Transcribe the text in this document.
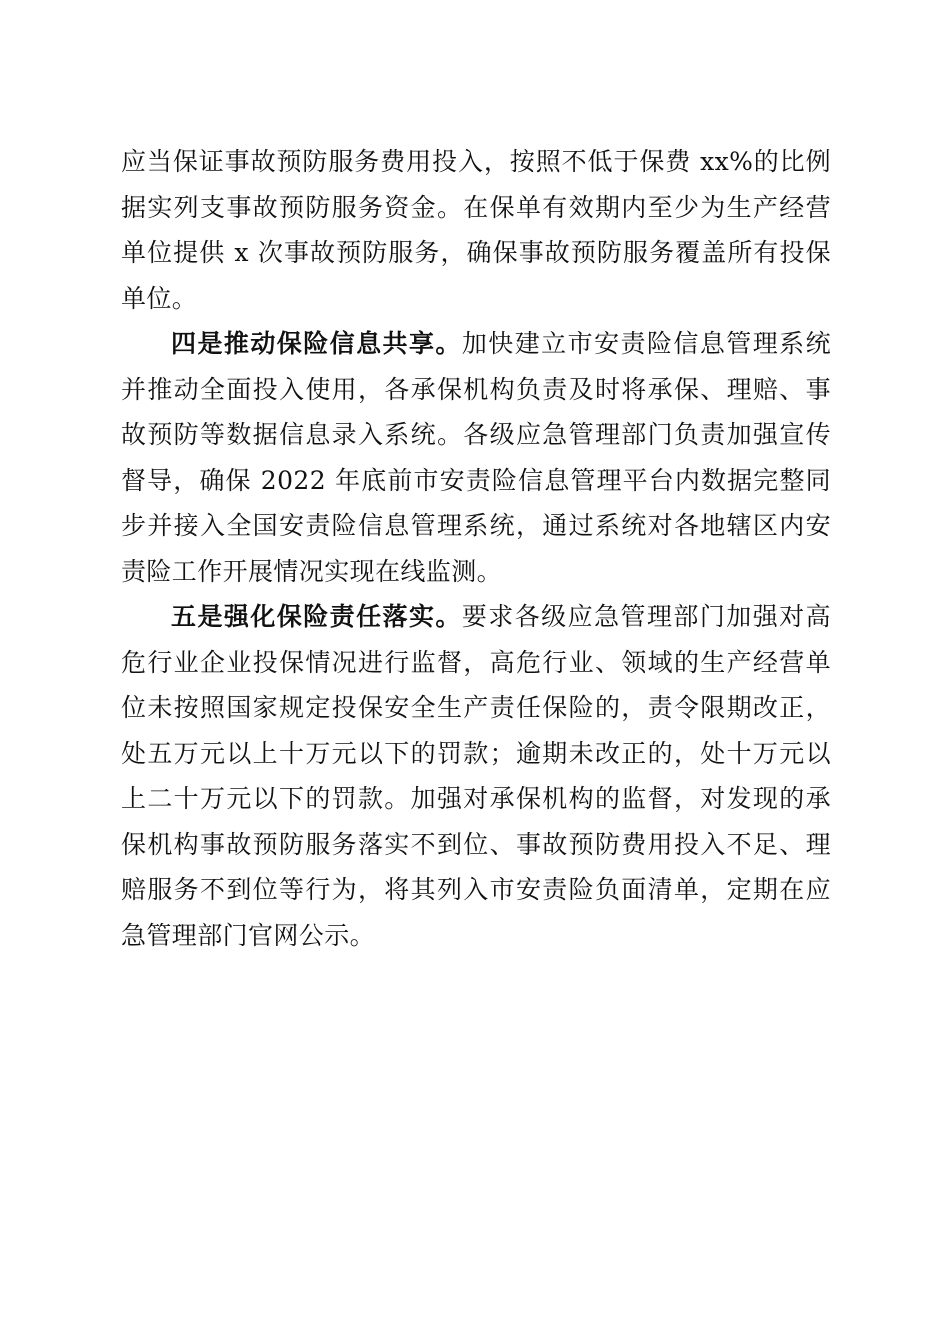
应当保证事故预防服务费用投入，按照不低于保费 xx%的比例据实列支事故预防服务资金。在保单有效期内至少为生产经营单位提供 x 次事故预防服务，确保事故预防服务覆盖所有投保单位。

四是推动保险信息共享。加快建立市安责险信息管理系统并推动全面投入使用，各承保机构负责及时将承保、理赔、事故预防等数据信息录入系统。各级应急管理部门负责加强宣传督导，确保 2022 年底前市安责险信息管理平台内数据完整同步并接入全国安责险信息管理系统，通过系统对各地辖区内安责险工作开展情况实现在线监测。

五是强化保险责任落实。要求各级应急管理部门加强对高危行业企业投保情况进行监督，高危行业、领域的生产经营单位未按照国家规定投保安全生产责任保险的，责令限期改正，处五万元以上十万元以下的罚款；逾期未改正的，处十万元以上二十万元以下的罚款。加强对承保机构的监督，对发现的承保机构事故预防服务落实不到位、事故预防费用投入不足、理赔服务不到位等行为，将其列入市安责险负面清单，定期在应急管理部门官网公示。
